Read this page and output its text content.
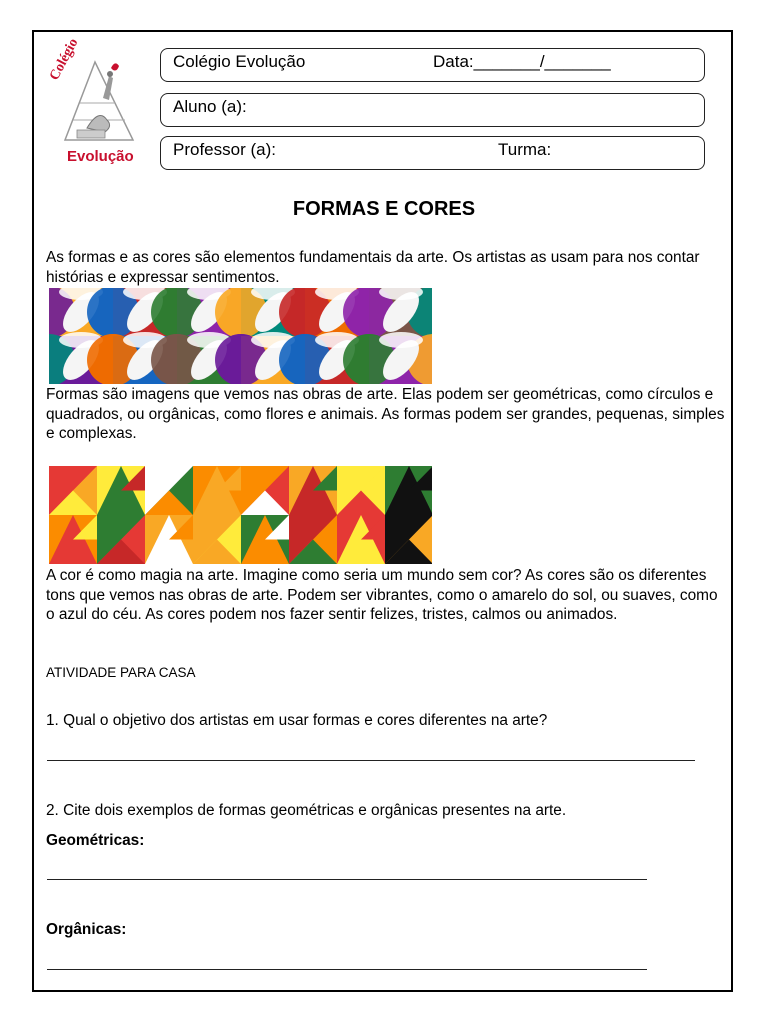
Colégio
Evolução
Colégio Evolução	Data:_______/_______
Aluno (a):
Professor (a):	Turma:
FORMAS E CORES
As formas e as cores são elementos fundamentais da arte. Os artistas as usam para nos contar histórias e expressar sentimentos.
Formas são imagens que vemos nas obras de arte. Elas podem ser geométricas, como círculos e quadrados, ou orgânicas, como flores e animais. As formas podem ser grandes, pequenas, simples e complexas.
A cor é como magia na arte. Imagine como seria um mundo sem cor? As cores são os diferentes tons que vemos nas obras de arte. Podem ser vibrantes, como o amarelo do sol, ou suaves, como o azul do céu. As cores podem nos fazer sentir felizes, tristes, calmos ou animados.
ATIVIDADE PARA CASA
1. Qual o objetivo dos artistas em usar formas e cores diferentes na arte?
2. Cite dois exemplos de formas geométricas e orgânicas presentes na arte.
Geométricas:
Orgânicas:
